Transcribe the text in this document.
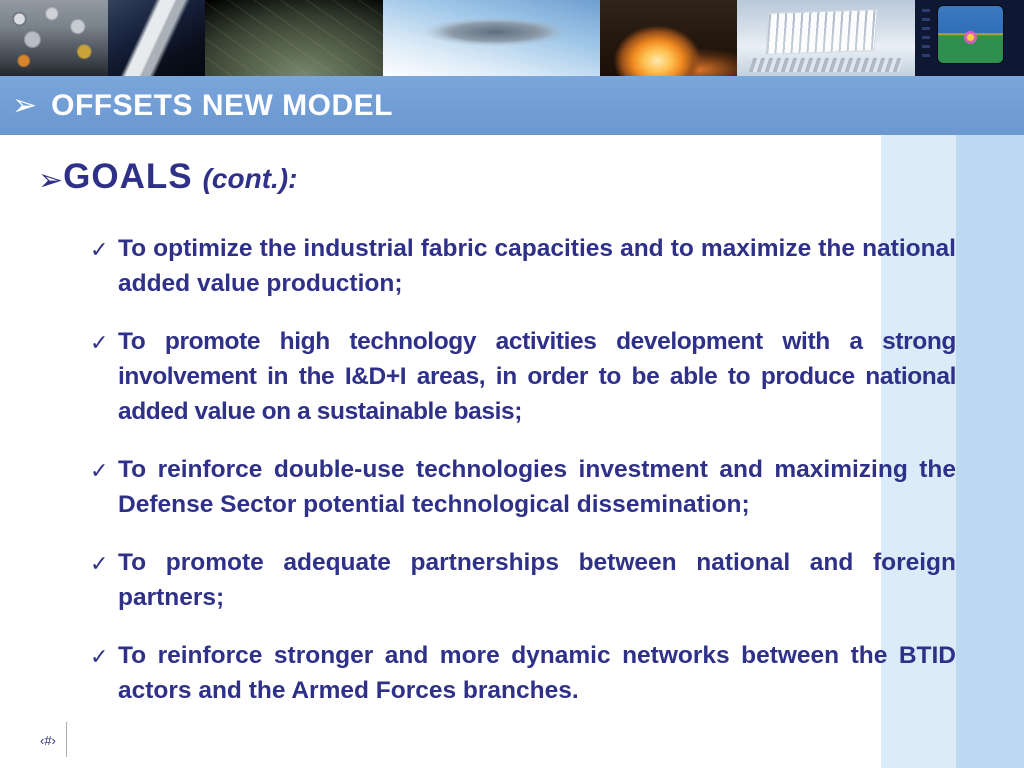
➢ OFFSETS NEW MODEL
➢ GOALS (cont.):
✓ To optimize the industrial fabric capacities and to maximize the national added value production;
✓ To promote high technology activities development with a strong involvement in the I&D+I areas, in order to be able to produce national added value on a sustainable basis;
✓ To reinforce double-use technologies investment and maximizing the Defense Sector potential technological dissemination;
✓ To promote adequate partnerships between national and foreign partners;
✓ To reinforce stronger and more dynamic networks between the BTID actors and the Armed Forces branches.
‹#›
